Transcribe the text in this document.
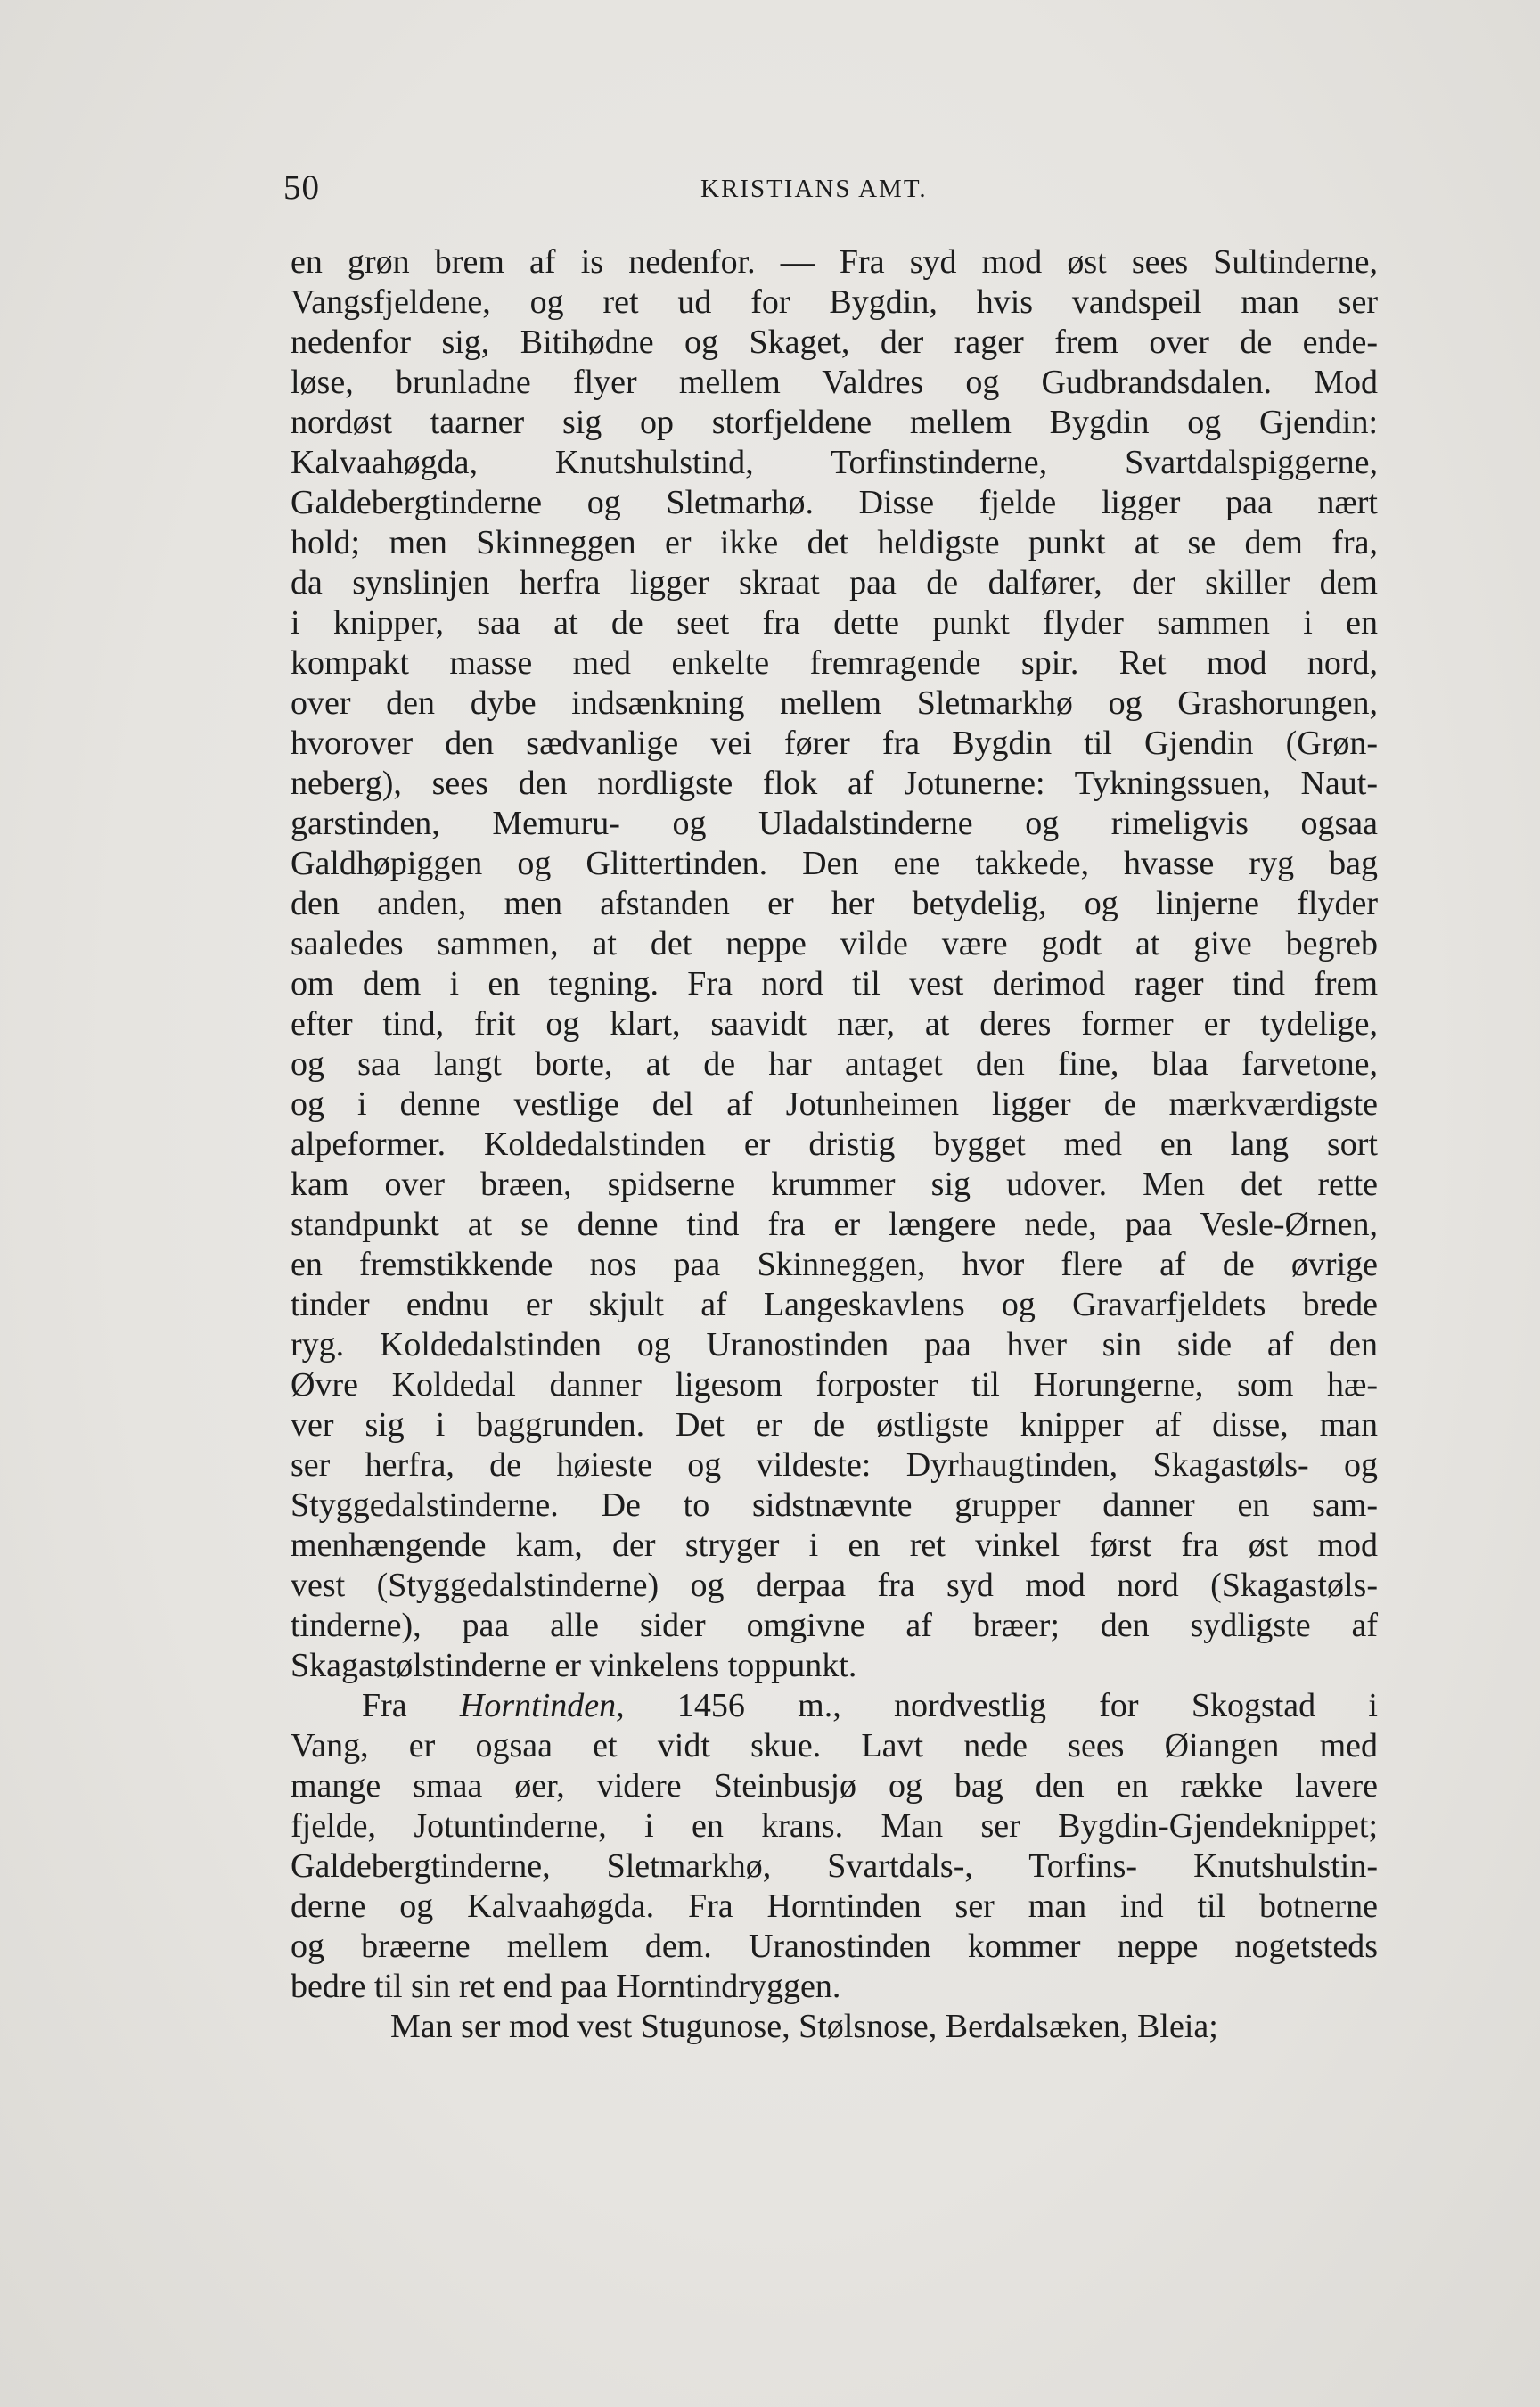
50	KRISTIANS AMT.
en grøn brem af is nedenfor. — Fra syd mod øst sees Sultinderne,
Vangsfjeldene, og ret ud for Bygdin, hvis vandspeil man ser
nedenfor sig, Bitihødne og Skaget, der rager frem over de ende-
løse, brunladne flyer mellem Valdres og Gudbrandsdalen. Mod
nordøst taarner sig op storfjeldene mellem Bygdin og Gjendin:
Kalvaahøgda, Knutshulstind, Torfinstinderne, Svartdalspiggerne,
Galdebergtinderne og Sletmarhø. Disse fjelde ligger paa nært
hold; men Skinneggen er ikke det heldigste punkt at se dem fra,
da synslinjen herfra ligger skraat paa de dalfører, der skiller dem
i knipper, saa at de seet fra dette punkt flyder sammen i en
kompakt masse med enkelte fremragende spir. Ret mod nord,
over den dybe indsænkning mellem Sletmarkhø og Grashorungen,
hvorover den sædvanlige vei fører fra Bygdin til Gjendin (Grøn-
neberg), sees den nordligste flok af Jotunerne: Tykningssuen, Naut-
garstinden, Memuru- og Uladalstinderne og rimeligvis ogsaa
Galdhøpiggen og Glittertinden. Den ene takkede, hvasse ryg bag
den anden, men afstanden er her betydelig, og linjerne flyder
saaledes sammen, at det neppe vilde være godt at give begreb
om dem i en tegning. Fra nord til vest derimod rager tind frem
efter tind, frit og klart, saavidt nær, at deres former er tydelige,
og saa langt borte, at de har antaget den fine, blaa farvetone,
og i denne vestlige del af Jotunheimen ligger de mærkværdigste
alpeformer. Koldedalstinden er dristig bygget med en lang sort
kam over bræen, spidserne krummer sig udover. Men det rette
standpunkt at se denne tind fra er længere nede, paa Vesle-Ørnen,
en fremstikkende nos paa Skinneggen, hvor flere af de øvrige
tinder endnu er skjult af Langeskavlens og Gravarfjeldets brede
ryg. Koldedalstinden og Uranostinden paa hver sin side af den
Øvre Koldedal danner ligesom forposter til Horungerne, som hæ-
ver sig i baggrunden. Det er de østligste knipper af disse, man
ser herfra, de høieste og vildeste: Dyrhaugtinden, Skagastøls- og
Styggedalstinderne. De to sidstnævnte grupper danner en sam-
menhængende kam, der stryger i en ret vinkel først fra øst mod
vest (Styggedalstinderne) og derpaa fra syd mod nord (Skagastøls-
tinderne), paa alle sider omgivne af bræer; den sydligste af
Skagastølstinderne er vinkelens toppunkt.
Fra Horntinden, 1456 m., nordvestlig for Skogstad i
Vang, er ogsaa et vidt skue. Lavt nede sees Øiangen med
mange smaa øer, videre Steinbusjø og bag den en række lavere
fjelde, Jotuntinderne, i en krans. Man ser Bygdin-Gjendeknippet;
Galdebergtinderne, Sletmarkhø, Svartdals-, Torfins- Knutshulstin-
derne og Kalvaahøgda. Fra Horntinden ser man ind til botnerne
og bræerne mellem dem. Uranostinden kommer neppe nogetsteds
bedre til sin ret end paa Horntindryggen.
Man ser mod vest Stugunose, Stølsnose, Berdalsæken, Bleia;
